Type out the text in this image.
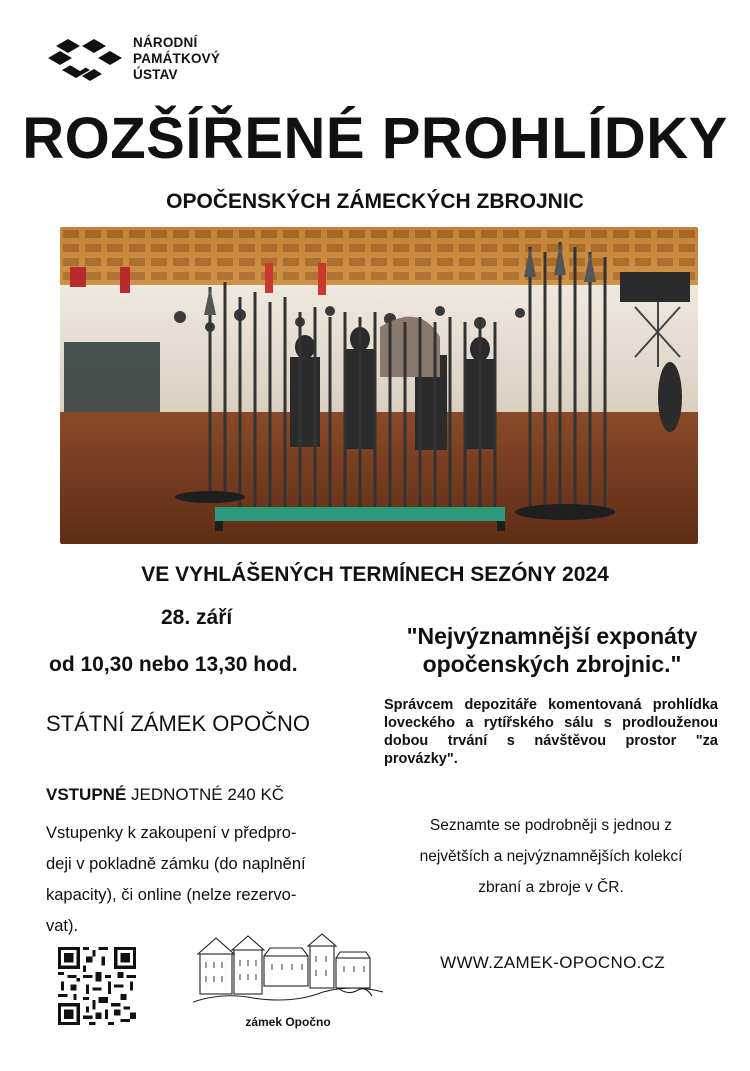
NÁRODNÍ
PAMÁTKOVÝ
ÚSTAV
ROZŠÍŘENÉ PROHLÍDKY
OPOČENSKÝCH ZÁMECKÝCH ZBROJNIC
VE VYHLÁŠENÝCH TERMÍNECH SEZÓNY 2024
28. září
od 10,30 nebo 13,30 hod.
STÁTNÍ ZÁMEK OPOČNO
VSTUPNÉ JEDNOTNÉ 240 KČ
Vstupenky k zakoupení v předpro-
deji v pokladně zámku (do naplnění
kapacity), či online (nelze rezervo-
vat).
"Nejvýznamnější exponáty
opočenských zbrojnic."
Správcem depozitáře komentovaná prohlídka loveckého a rytířského sálu s prodlouženou dobou trvání s návštěvou prostor "za provázky".
Seznamte se podrobněji s jednou z
největších a nejvýznamnějších kolekcí
zbraní a zbroje v ČR.
WWW.ZAMEK-OPOCNO.CZ
zámek Opočno
